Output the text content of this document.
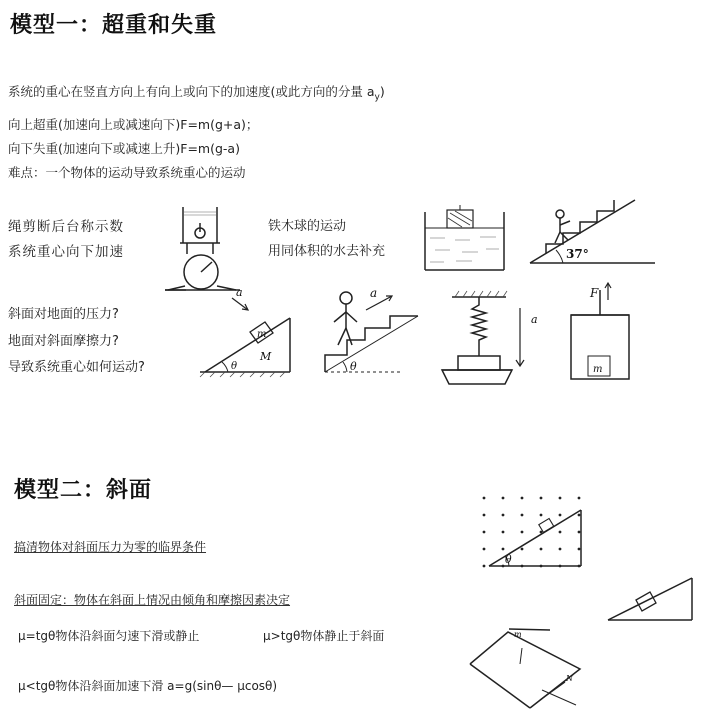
模型一：超重和失重
系统的重心在竖直方向上有向上或向下的加速度(或此方向的分量 $a_y$)
向上超重(加速向上或减速向下)F=m(g+a)；
向下失重(加速向下或减速上升)F=m(g-a)
难点：一个物体的运动导致系统重心的运动
绳剪断后台称示数
系统重心向下加速
铁木球的运动
用同体积的水去补充
斜面对地面的压力?
地面对斜面摩擦力?
导致系统重心如何运动?
37°
a
m
M
θ
a
θ
a
F
m
模型二：斜面
搞清物体对斜面压力为零的临界条件
斜面固定：物体在斜面上情况由倾角和摩擦因素决定
μ=tgθ物体沿斜面匀速下滑或静止	μ>tgθ物体静止于斜面
μ<tgθ物体沿斜面加速下滑 a=g(sinθ— μcosθ)
θ
m
N
